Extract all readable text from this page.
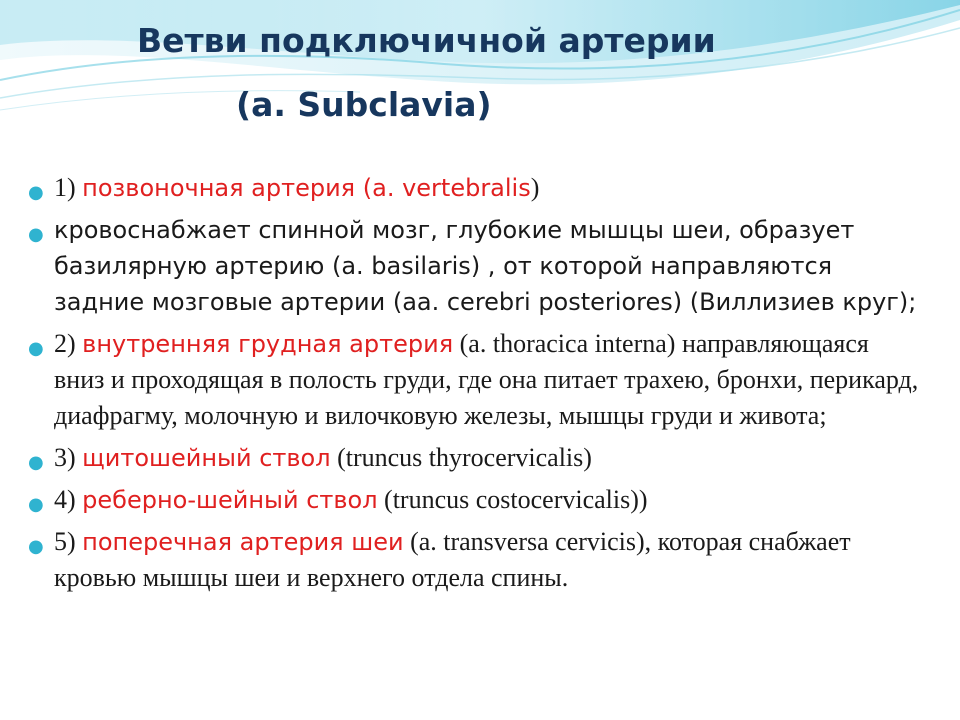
Ветви подключичной артерии
(a. Subclavia)
● 1) позвоночная артерия (a. vertebralis)
● кровоснабжает спинной мозг, глубокие мышцы шеи, образует базилярную артерию (a. basilaris) , от которой направляются задние мозговые артерии (aa. cerebri posteriores) (Виллизиев круг);
● 2) внутренняя грудная артерия (a. thoracica interna) направляющаяся вниз и проходящая в полость груди, где она питает трахею, бронхи, перикард, диафрагму, молочную и вилочковую железы, мышцы груди и живота;
● 3) щитошейный ствол (truncus thyrocervicalis)
● 4) реберно-шейный ствол (truncus costocervicalis))
● 5) поперечная артерия шеи (a. transversa cervicis), которая снабжает кровью мышцы шеи и верхнего отдела спины.
